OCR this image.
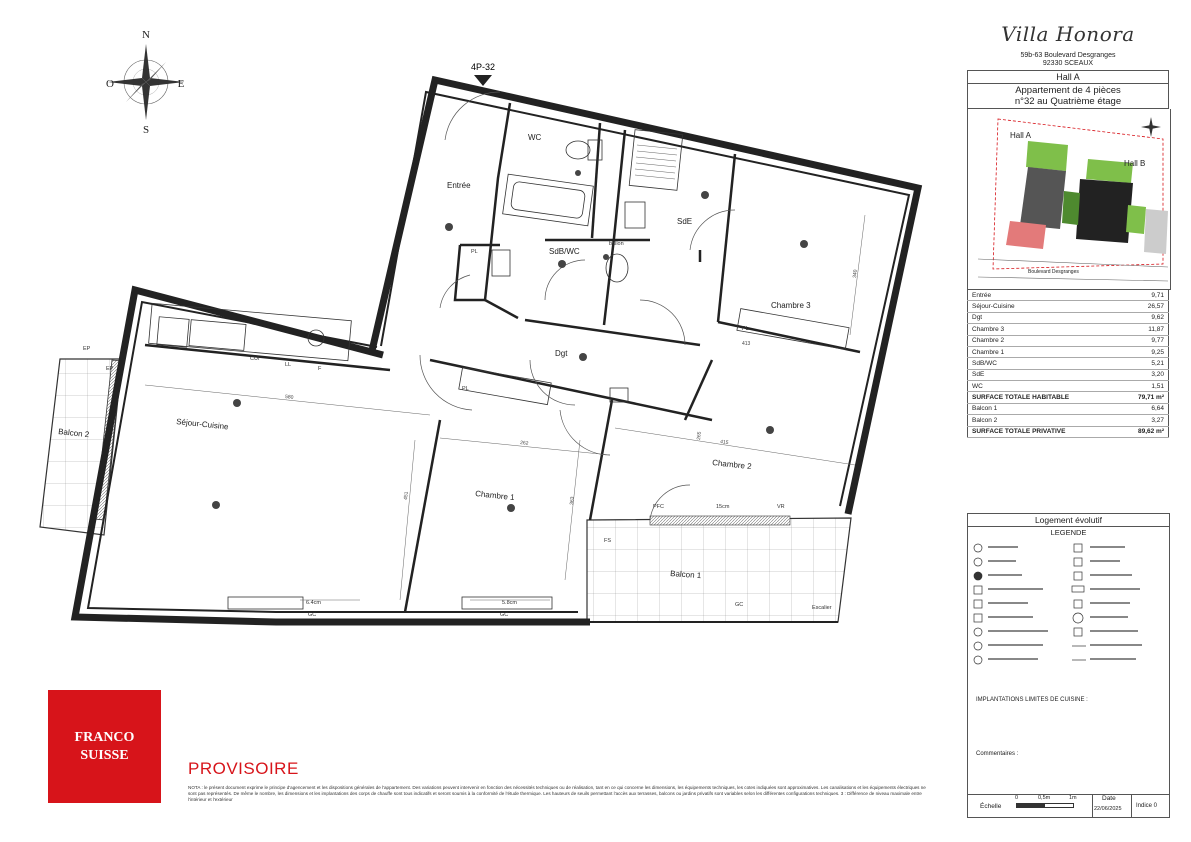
N
S
E
O
4P-32
Entrée
WC
SdB/WC
SdE
Chambre 3
Dgt
Séjour-Cuisine
Chambre 1
Chambre 2
Balcon 1
Balcon 2
PL
PL
PL
EP
EP
PFC	15cm	VR
FS
Escalier
CUI
LL
F
GC	GC
GC
6.4cm	5.8cm
ballon
580
262	415
451
340
413
363
265
Villa Honora
59b-63 Boulevard Desgranges
92330 SCEAUX
Hall A
Appartement de 4 pièces
n°32 au Quatrième étage
Hall A
Hall B
Boulevard Desgranges
Entrée	9,71
Séjour-Cuisine	26,57
Dgt	9,62
Chambre 3	11,87
Chambre 2	9,77
Chambre 1	9,25
SdB/WC	5,21
SdE	3,20
WC	1,51
SURFACE TOTALE HABITABLE	79,71 m²
Balcon 1	6,64
Balcon 2	3,27
SURFACE TOTALE PRIVATIVE	89,62 m²
Logement évolutif
LEGENDE
IMPLANTATIONS LIMITES DE CUISINE :
Commentaires :
Échelle
0	0,5m	1m	Date
22/06/2025 Indice 0
FRANCO
SUISSE
PROVISOIRE
NOTA : le présent document exprime le principe d'agencement et les dispositions générales de l'appartement. Des variations peuvent intervenir en fonction des nécessités techniques ou de réalisation, tant en ce qui concerne les dimensions, les équipements techniques, les cotes indiquées sont approximatives. Les canalisations et les équipements électriques ne sont pas représentés. De même le nombre, les dimensions et les implantations des corps de chauffe sont tous indicatifs et seront soumis à la conformité de l'étude thermique. Les hauteurs de seuils permettant l'accès aux terrasses, balcons ou jardins privatifs sont variables selon les différentes configurations techniques. 3 : Différence de niveau maximale entre l'intérieur et l'extérieur
